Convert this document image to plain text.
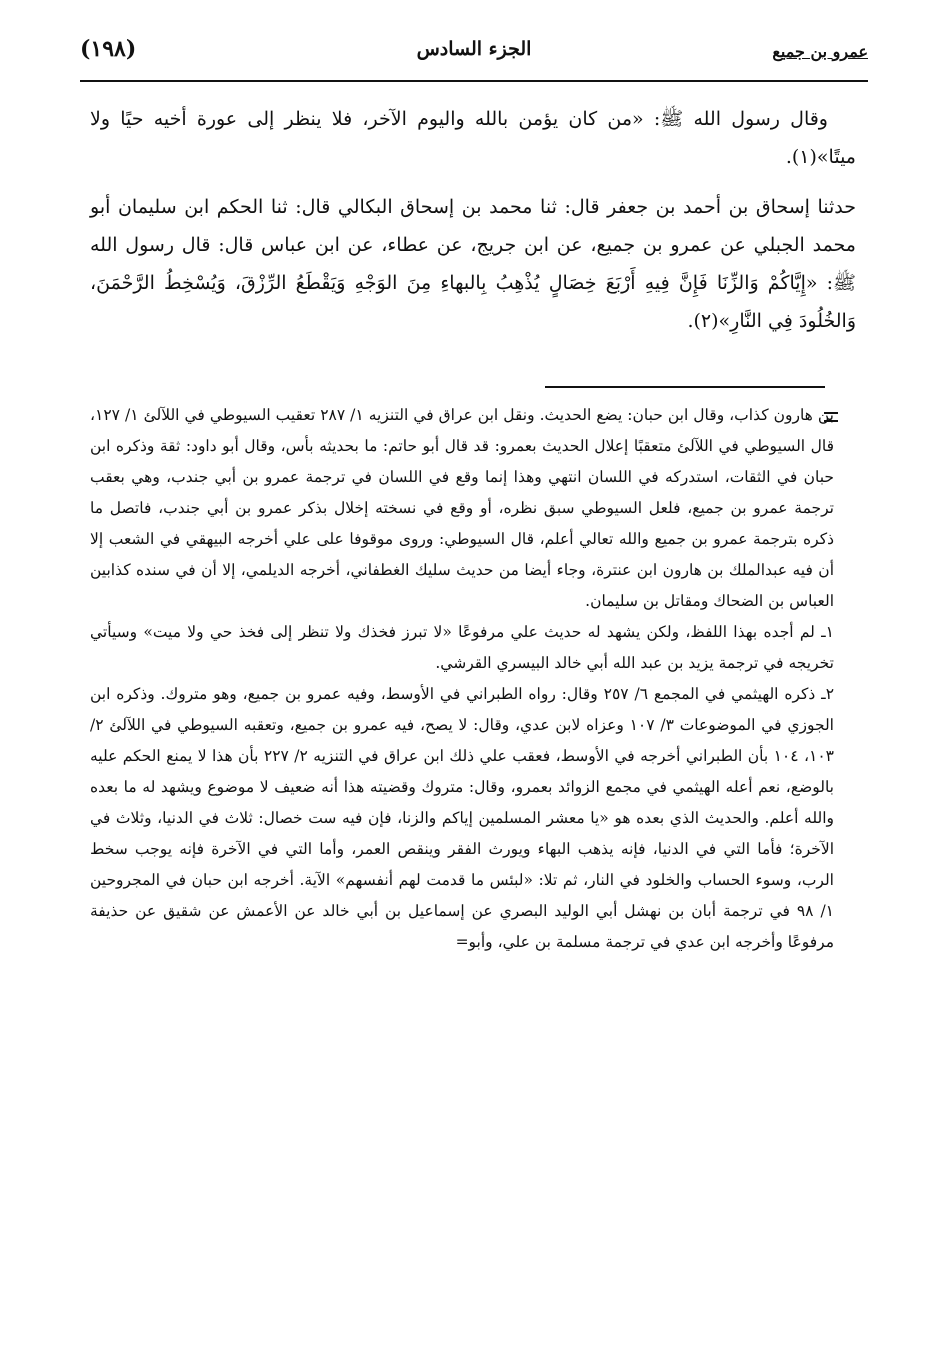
(١٩٨)	الجزء السادس	عمرو بن جميع

وقال رسول الله ﷺ: «من كان يؤمن بالله واليوم الآخر، فلا ينظر إلى عورة أخيه حيًا ولا ميتًا»(١).

حدثنا إسحاق بن أحمد بن جعفر قال: ثنا محمد بن إسحاق البكالي قال: ثنا الحكم ابن سليمان أبو محمد الجبلي عن عمرو بن جميع، عن ابن جريج، عن عطاء، عن ابن عباس قال: قال رسول الله ﷺ: «إِيَّاكُمْ وَالزِّنَا فَإِنَّ فِيهِ أَرْبَعَ خِصَالٍ يُذْهِبُ بِالبهاءِ مِنَ الوَجْهِ وَيَقْطَعُ الرِّزْقَ، وَيُسْخِطُ الرَّحْمَنَ، وَالخُلُودَ فِي النَّارِ»(٢).

بن هارون كذاب، وقال ابن حبان: يضع الحديث. ونقل ابن عراق في التنزيه ١/ ٢٨٧ تعقيب السيوطي في اللآلئ ١/ ١٢٧، قال السيوطي في اللآلئ متعقبًا إعلال الحديث بعمرو: قد قال أبو حاتم: ما بحديثه بأس، وقال أبو داود: ثقة وذكره ابن حبان في الثقات، استدركه في اللسان انتهي وهذا إنما وقع في اللسان في ترجمة عمرو بن أبي جندب، وهي بعقب ترجمة عمرو بن جميع، فلعل السيوطي سبق نظره، أو وقع في نسخته إخلال بذكر عمرو بن أبي جندب، فاتصل ما ذكره بترجمة عمرو بن جميع والله تعالي أعلم، قال السيوطي: وروى موقوفا على علي أخرجه البيهقي في الشعب إلا أن فيه عبدالملك بن هارون ابن عنترة، وجاء أيضا من حديث سليك الغطفاني، أخرجه الديلمي، إلا أن في سنده كذابين العباس بن الضحاك ومقاتل بن سليمان.

١ـ لم أجده بهذا اللفظ، ولكن يشهد له حديث علي مرفوعًا «لا تبرز فخذك ولا تنظر إلى فخذ حي ولا ميت» وسيأتي تخريجه في ترجمة يزيد بن عبد الله أبي خالد البيسري القرشي.

٢ـ ذكره الهيثمي في المجمع ٦/ ٢٥٧ وقال: رواه الطبراني في الأوسط، وفيه عمرو بن جميع، وهو متروك. وذكره ابن الجوزي في الموضوعات ٣/ ١٠٧ وعزاه لابن عدي، وقال: لا يصح، فيه عمرو بن جميع، وتعقبه السيوطي في اللآلئ ٢/ ١٠٣، ١٠٤ بأن الطبراني أخرجه في الأوسط، فعقب علي ذلك ابن عراق في التنزيه ٢/ ٢٢٧ بأن هذا لا يمنع الحكم عليه بالوضع، نعم أعله الهيثمي في مجمع الزوائد بعمرو، وقال: متروك وقضيته هذا أنه ضعيف لا موضوع ويشهد له ما بعده والله أعلم. والحديث الذي بعده هو «يا معشر المسلمين إياكم والزنا، فإن فيه ست خصال: ثلاث في الدنيا، وثلاث في الآخرة؛ فأما التي في الدنيا، فإنه يذهب البهاء ويورث الفقر وينقص العمر، وأما التي في الآخرة فإنه يوجب سخط الرب، وسوء الحساب والخلود في النار، ثم تلا: «لبئس ما قدمت لهم أنفسهم» الآية. أخرجه ابن حبان في المجروحين ١/ ٩٨ في ترجمة أبان بن نهشل أبي الوليد البصري عن إسماعيل بن أبي خالد عن الأعمش عن شقيق عن حذيفة مرفوعًا وأخرجه ابن عدي في ترجمة مسلمة بن علي، وأبو=
